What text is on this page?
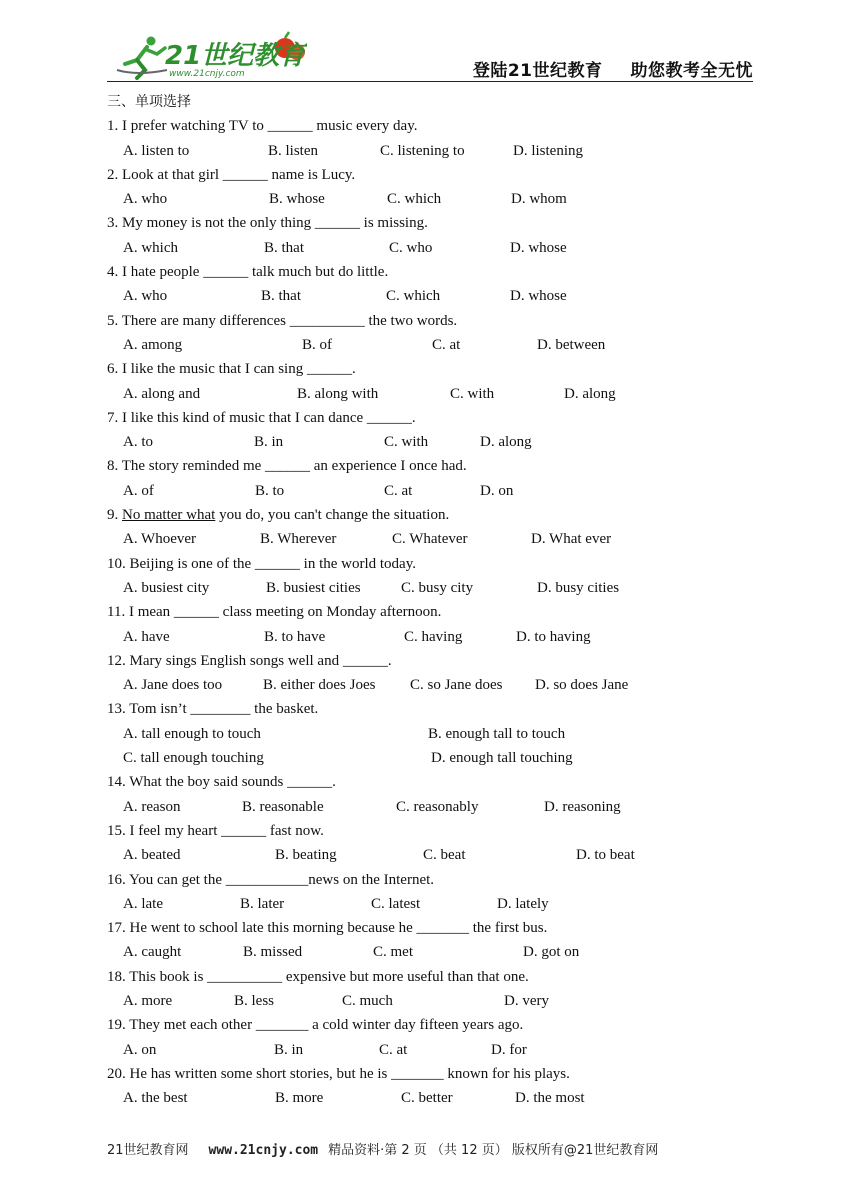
21世纪教育
www.21cnjy.com	登陆21世纪教育 助您教考全无忧
三、单项选择
1. I prefer watching TV to ______ music every day.
A. listen to	B. listen	C. listening to	D. listening
2. Look at that girl ______ name is Lucy.
A. who	B. whose	C. which	D. whom
3. My money is not the only thing ______ is missing.
A. which	B. that	C. who	D. whose
4. I hate people ______ talk much but do little.
A. who	B. that	C. which	D. whose
5. There are many differences __________ the two words.
A. among	B. of	C. at	D. between
6. I like the music that I can sing ______.
A. along and	B. along with	C. with	D. along
7. I like this kind of music that I can dance ______.
A. to	B. in	C. with	D. along
8. The story reminded me ______ an experience I once had.
A. of	B. to	C. at	D. on
9. No matter what you do, you can't change the situation.
A. Whoever	B. Wherever	C. Whatever	D. What ever
10. Beijing is one of the ______ in the world today.
A. busiest city	B. busiest cities	C. busy city	D. busy cities
11. I mean ______ class meeting on Monday afternoon.
A. have	B. to have	C. having	D. to having
12. Mary sings English songs well and ______.
A. Jane does too	B. either does Joes C. so Jane does D. so does Jane
13. Tom isn’t ________ the basket.
A. tall enough to touch	B. enough tall to touch
C. tall enough touching	D. enough tall touching
14. What the boy said sounds ______.
A. reason	B. reasonable	C. reasonably	D. reasoning
15. I feel my heart ______ fast now.
A. beated	B. beating	C. beat	D. to beat
16. You can get the ___________news on the Internet.
A. late	B. later	C. latest	D. lately
17. He went to school late this morning because he _______ the first bus.
A. caught	B. missed	C. met	D. got on
18. This book is __________ expensive but more useful than that one.
A. more	B. less	C. much	D. very
19. They met each other _______ a cold winter day fifteen years ago.
A. on	B. in	C. at	D. for
20. He has written some short stories, but he is _______ known for his plays.
A. the best	B. more	C. better	D. the most
21世纪教育网 www.21cnjy.com 精品资料·第 2 页 （共 12 页） 版权所有@21世纪教育网
